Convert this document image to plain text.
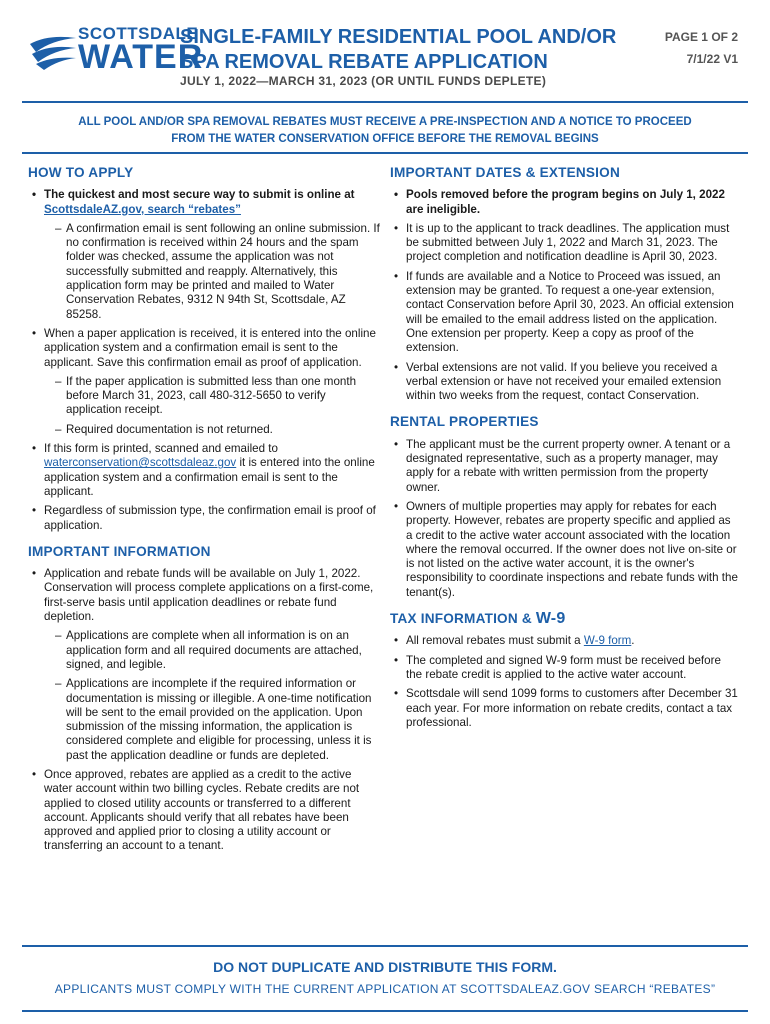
SCOTTSDALE
WATER
SINGLE-FAMILY RESIDENTIAL POOL AND/OR
SPA REMOVAL REBATE APPLICATION
JULY 1, 2022—MARCH 31, 2023 (OR UNTIL FUNDS DEPLETE)
PAGE 1 OF 2
7/1/22 V1
ALL POOL AND/OR SPA REMOVAL REBATES MUST RECEIVE A PRE-INSPECTION AND A NOTICE TO PROCEED
FROM THE WATER CONSERVATION OFFICE BEFORE THE REMOVAL BEGINS
HOW TO APPLY
• The quickest and most secure way to submit is online at ScottsdaleAZ.gov, search “rebates”
– A confirmation email is sent following an online submission. If no confirmation is received within 24 hours and the spam folder was checked, assume the application was not successfully submitted and reapply. Alternatively, this application form may be printed and mailed to Water Conservation Rebates, 9312 N 94th St, Scottsdale, AZ 85258.
• When a paper application is received, it is entered into the online application system and a confirmation email is sent to the applicant. Save this confirmation email as proof of application.
– If the paper application is submitted less than one month before March 31, 2023, call 480-312-5650 to verify application receipt.
– Required documentation is not returned.
• If this form is printed, scanned and emailed to waterconservation@scottsdaleaz.gov it is entered into the online application system and a confirmation email is sent to the applicant.
• Regardless of submission type, the confirmation email is proof of application.
IMPORTANT INFORMATION
• Application and rebate funds will be available on July 1, 2022. Conservation will process complete applications on a first-come, first-serve basis until application deadlines or rebate fund depletion.
– Applications are complete when all information is on an application form and all required documents are attached, signed, and legible.
– Applications are incomplete if the required information or documentation is missing or illegible. A one-time notification will be sent to the email provided on the application. Upon submission of the missing information, the application is considered complete and eligible for processing, unless it is past the application deadline or funds are depleted.
• Once approved, rebates are applied as a credit to the active water account within two billing cycles. Rebate credits are not applied to closed utility accounts or transferred to a different account. Applicants should verify that all rebates have been approved and applied prior to closing a utility account or transferring an account to a tenant.
IMPORTANT DATES & EXTENSION
• Pools removed before the program begins on July 1, 2022 are ineligible.
• It is up to the applicant to track deadlines. The application must be submitted between July 1, 2022 and March 31, 2023. The project completion and notification deadline is April 30, 2023.
• If funds are available and a Notice to Proceed was issued, an extension may be granted. To request a one-year extension, contact Conservation before April 30, 2023. An official extension will be emailed to the email address listed on the application. One extension per property. Keep a copy as proof of the extension.
• Verbal extensions are not valid. If you believe you received a verbal extension or have not received your emailed extension within two weeks from the request, contact Conservation.
RENTAL PROPERTIES
• The applicant must be the current property owner. A tenant or a designated representative, such as a property manager, may apply for a rebate with written permission from the property owner.
• Owners of multiple properties may apply for rebates for each property. However, rebates are property specific and applied as a credit to the active water account associated with the location where the removal occurred. If the owner does not live on-site or is not listed on the active water account, it is the owner's responsibility to coordinate inspections and rebate funds with the tenant(s).
TAX INFORMATION & W-9
• All removal rebates must submit a W-9 form.
• The completed and signed W-9 form must be received before the rebate credit is applied to the active water account.
• Scottsdale will send 1099 forms to customers after December 31 each year. For more information on rebate credits, contact a tax professional.
DO NOT DUPLICATE AND DISTRIBUTE THIS FORM.
APPLICANTS MUST COMPLY WITH THE CURRENT APPLICATION AT SCOTTSDALEAZ.GOV SEARCH “REBATES”
